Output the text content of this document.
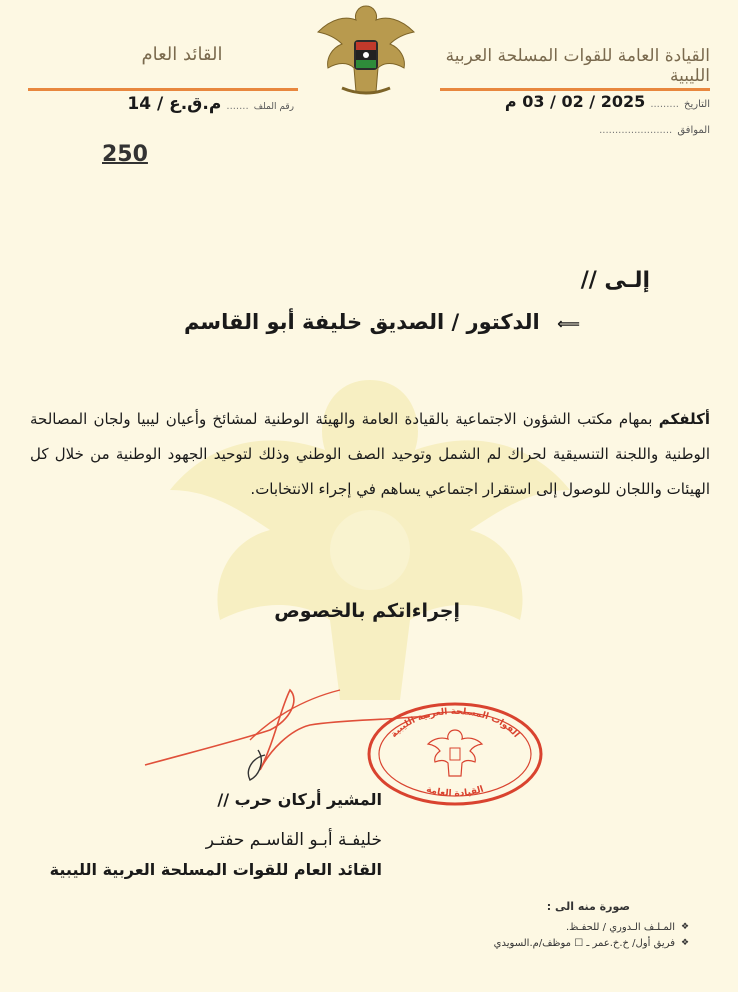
القيادة العامة للقوات المسلحة العربية الليبية
القائد العام
رقم الملف ....... م.ق.ع / 14	التاريخ ......... 2025 / 02 / 03 م
الموافق .......................
250
إلـى //
⟸ الدكتور / الصديق خليفة أبو القاسم
أكلفكم بمهام مكتب الشؤون الاجتماعية بالقيادة العامة والهيئة الوطنية لمشائخ وأعيان ليبيا ولجان المصالحة الوطنية واللجنة التنسيقية لحراك لم الشمل وتوحيد الصف الوطني وذلك لتوحيد الجهود الوطنية من خلال كل الهيئات واللجان للوصول إلى استقرار اجتماعي يساهم في إجراء الانتخابات.
إجراءاتكم بالخصوص
القوات المسلحة العربية الليبية
القيادة العامة
المشير أركان حرب //
خليفـة أبـو القاسـم حفتـر
القائد العام للقوات المسلحة العربية الليبية
صورة منه الى :
❖
المـلـف الـدوري / للحفـظ.
❖
فريق أول/ خ.خ.عمر ـ ☐ موظف/م.السويدي
